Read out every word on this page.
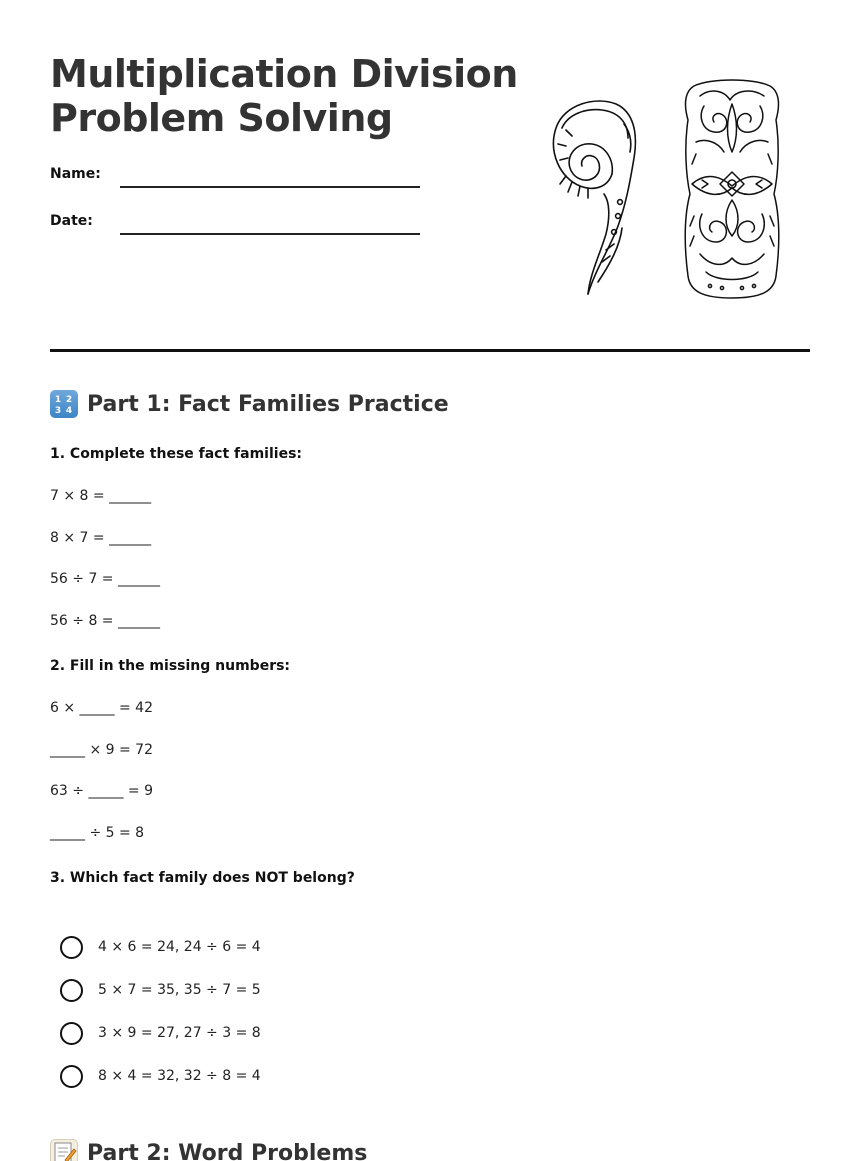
Multiplication Division
Problem Solving
Name:
Date:
1 2
3 4 Part 1: Fact Families Practice
1. Complete these fact families:
7 × 8 = ______
8 × 7 = ______
56 ÷ 7 = ______
56 ÷ 8 = ______
2. Fill in the missing numbers:
6 × _____ = 42
_____ × 9 = 72
63 ÷ _____ = 9
_____ ÷ 5 = 8
3. Which fact family does NOT belong?
4 × 6 = 24, 24 ÷ 6 = 4
5 × 7 = 35, 35 ÷ 7 = 5
3 × 9 = 27, 27 ÷ 3 = 8
8 × 4 = 32, 32 ÷ 8 = 4
Part 2: Word Problems
